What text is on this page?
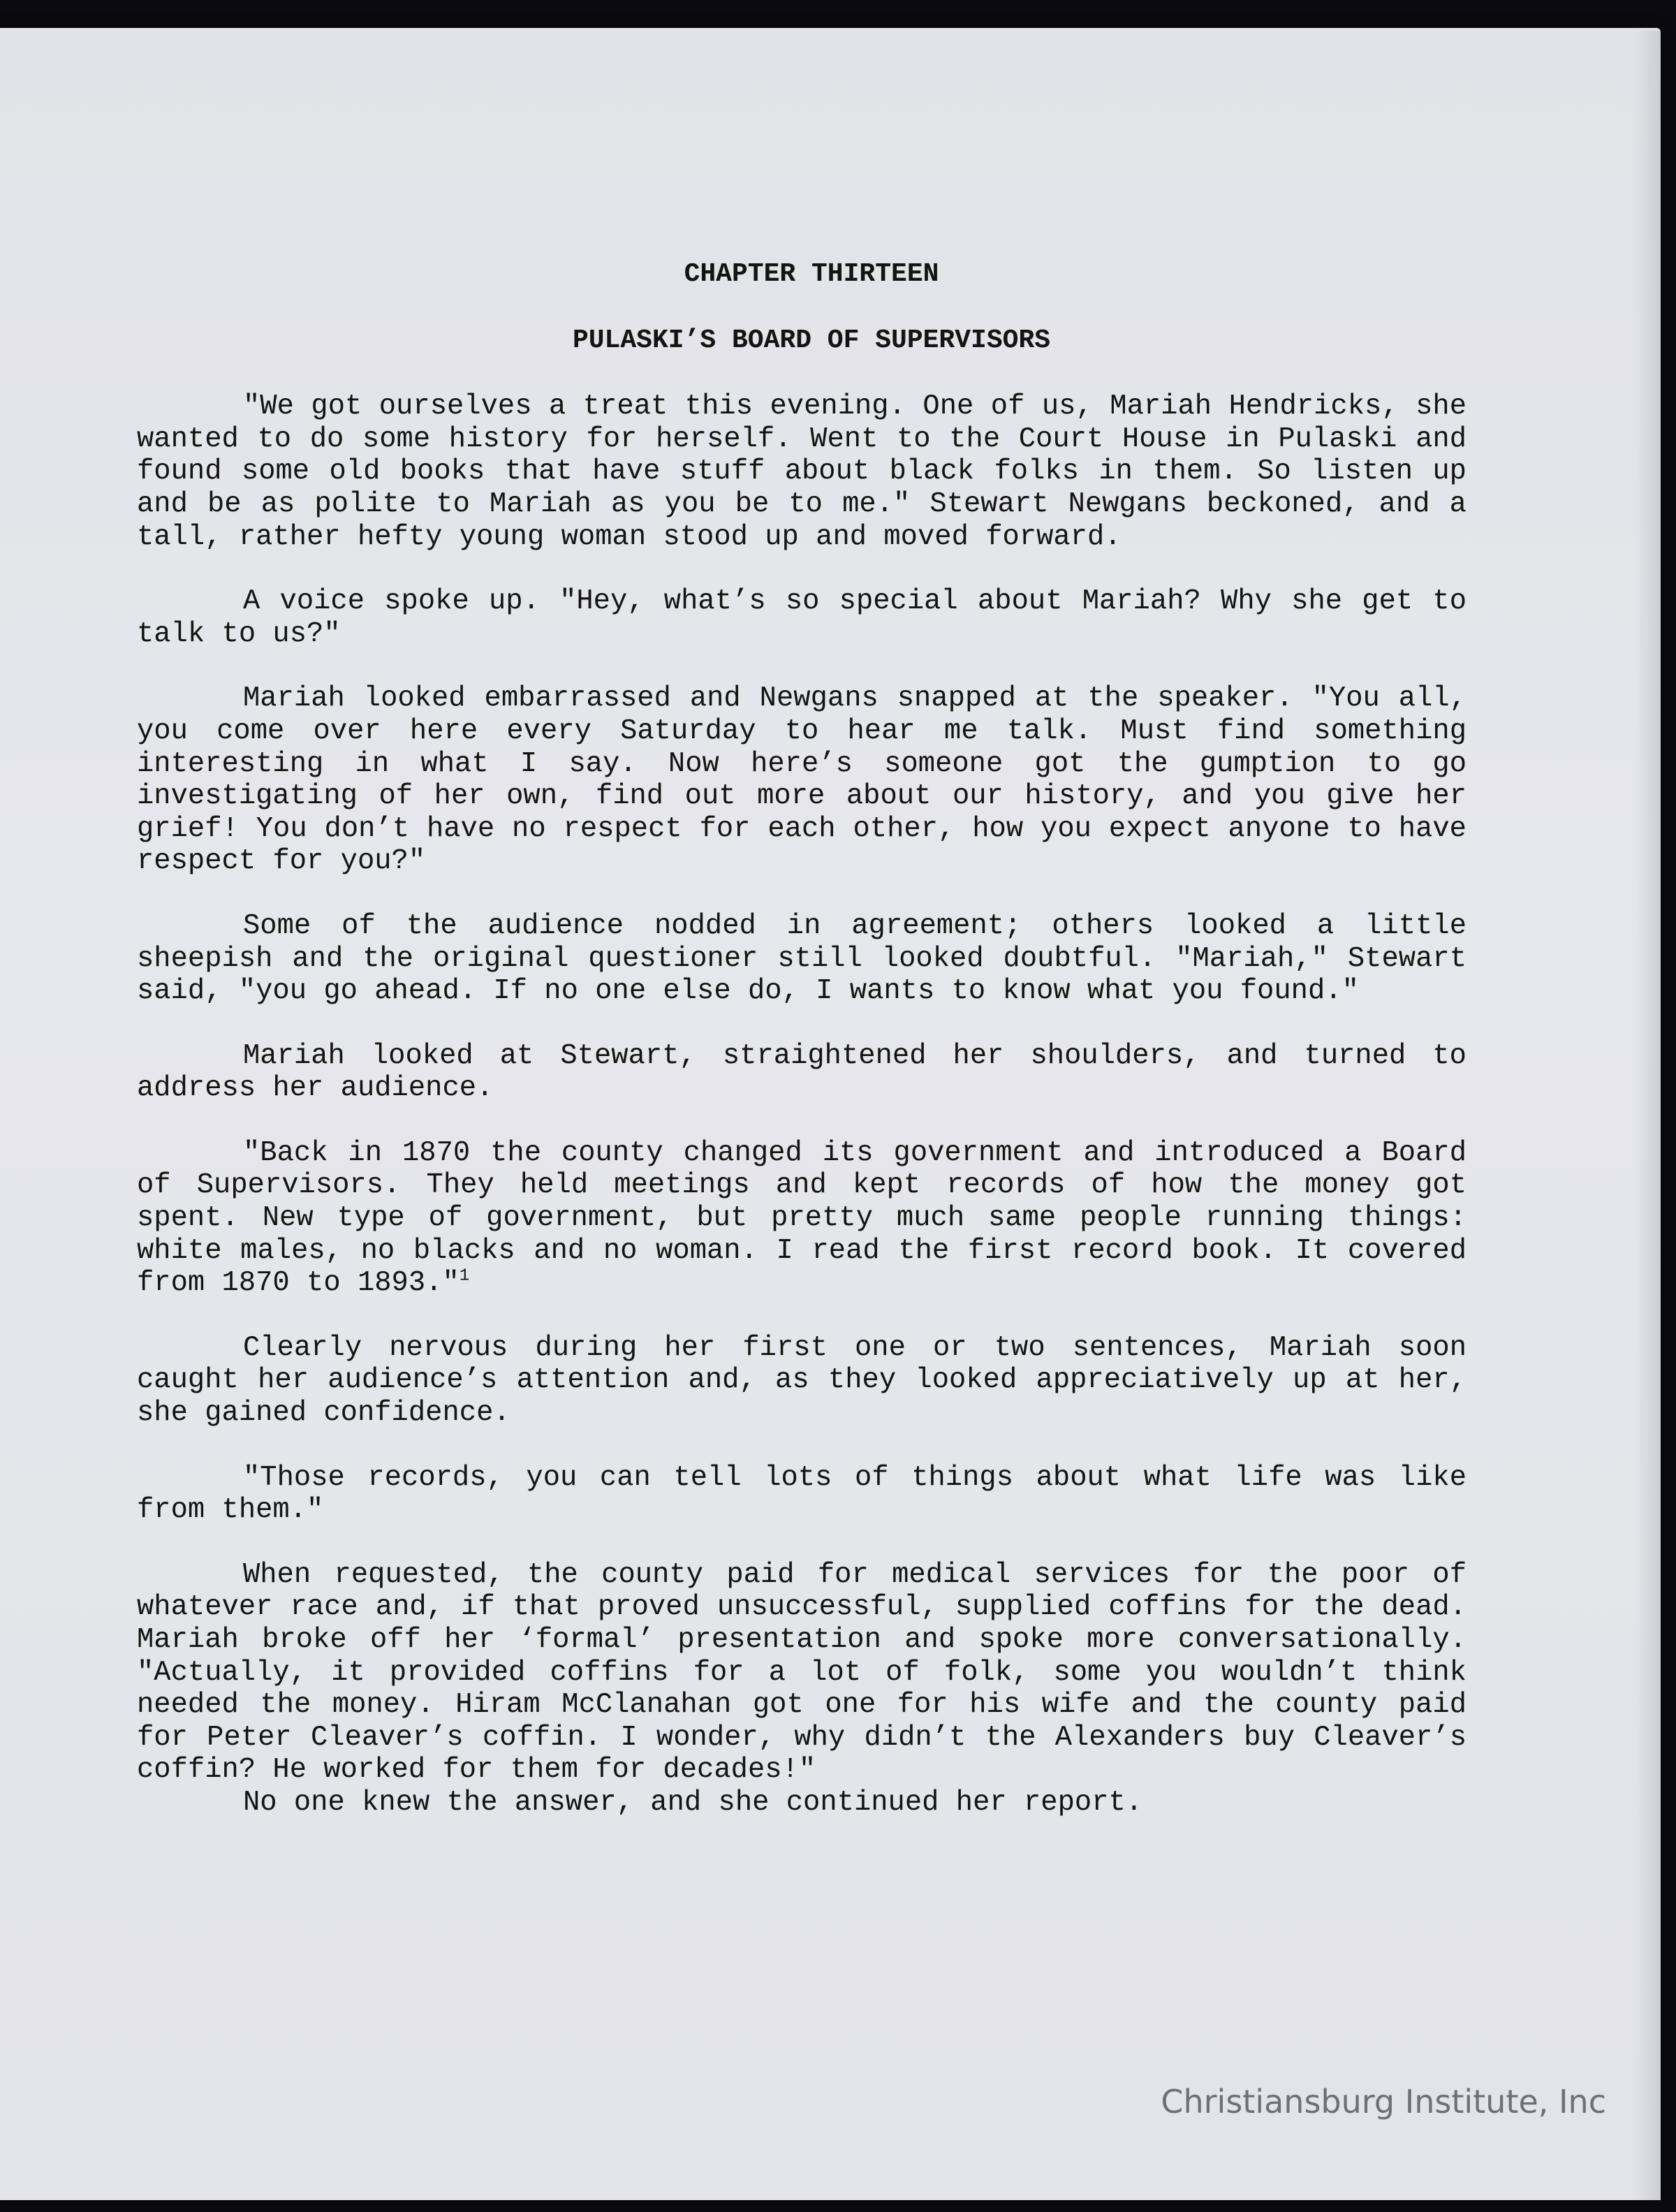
CHAPTER THIRTEEN

PULASKI’S BOARD OF SUPERVISORS

"We got ourselves a treat this evening. One of us, Mariah Hendricks, she wanted to do some history for herself. Went to the Court House in Pulaski and found some old books that have stuff about black folks in them. So listen up and be as polite to Mariah as you be to me." Stewart Newgans beckoned, and a tall, rather hefty young woman stood up and moved forward.

A voice spoke up. "Hey, what’s so special about Mariah? Why she get to talk to us?"

Mariah looked embarrassed and Newgans snapped at the speaker. "You all, you come over here every Saturday to hear me talk. Must find something interesting in what I say. Now here’s someone got the gumption to go investigating of her own, find out more about our history, and you give her grief! You don’t have no respect for each other, how you expect anyone to have respect for you?"

Some of the audience nodded in agreement; others looked a little sheepish and the original questioner still looked doubtful. "Mariah," Stewart said, "you go ahead. If no one else do, I wants to know what you found."

Mariah looked at Stewart, straightened her shoulders, and turned to address her audience.

"Back in 1870 the county changed its government and introduced a Board of Supervisors. They held meetings and kept records of how the money got spent. New type of government, but pretty much same people running things: white males, no blacks and no woman. I read the first record book. It covered from 1870 to 1893."$^1$

Clearly nervous during her first one or two sentences, Mariah soon caught her audience’s attention and, as they looked appreciatively up at her, she gained confidence.

"Those records, you can tell lots of things about what life was like from them."

When requested, the county paid for medical services for the poor of whatever race and, if that proved unsuccessful, supplied coffins for the dead. Mariah broke off her ‘formal’ presentation and spoke more conversationally. "Actually, it provided coffins for a lot of folk, some you wouldn’t think needed the money. Hiram McClanahan got one for his wife and the county paid for Peter Cleaver’s coffin. I wonder, why didn’t the Alexanders buy Cleaver’s coffin? He worked for them for decades!"

No one knew the answer, and she continued her report.

Christiansburg Institute, Inc
